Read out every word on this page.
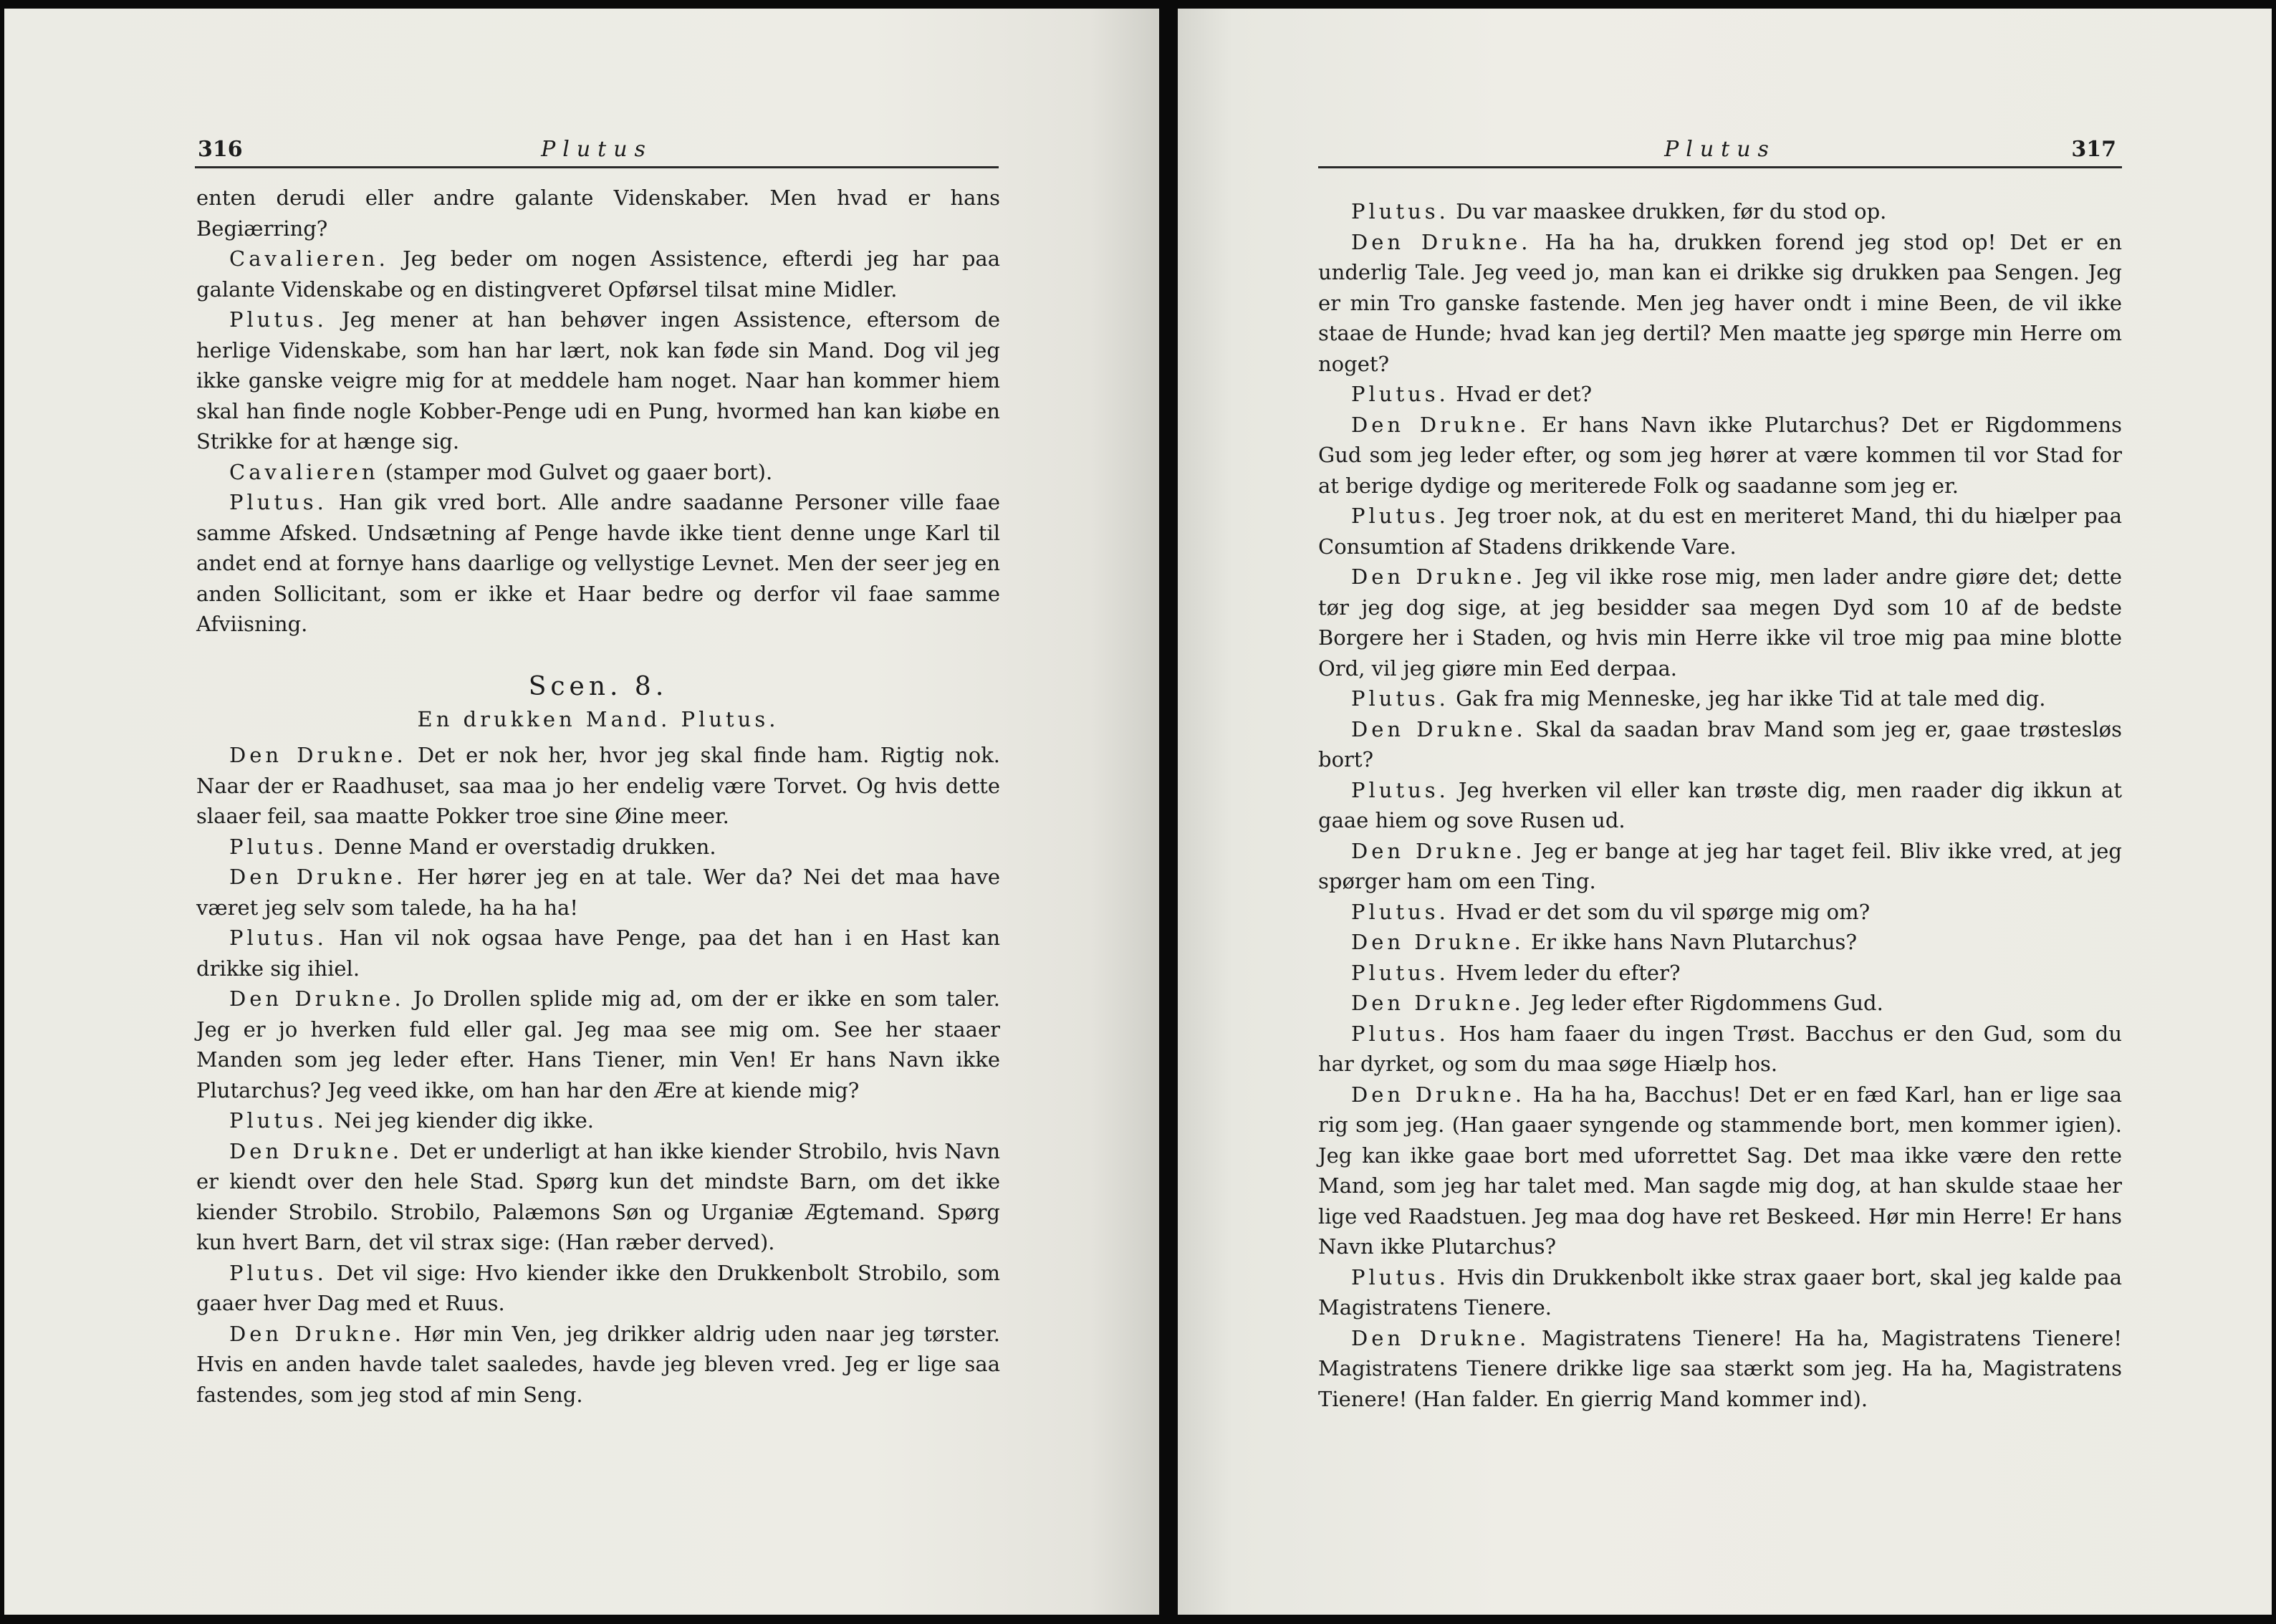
316	Plutus

enten derudi eller andre galante Videnskaber. Men hvad er hans Begiærring?

Cavalieren. Jeg beder om nogen Assistence, efterdi jeg har paa galante Videnskabe og en distingveret Opførsel tilsat mine Midler.

Plutus. Jeg mener at han behøver ingen Assistence, eftersom de herlige Videnskabe, som han har lært, nok kan føde sin Mand. Dog vil jeg ikke ganske veigre mig for at meddele ham noget. Naar han kommer hiem skal han finde nogle Kobber-Penge udi en Pung, hvormed han kan kiøbe en Strikke for at hænge sig.

Cavalieren (stamper mod Gulvet og gaaer bort).

Plutus. Han gik vred bort. Alle andre saadanne Personer ville faae samme Afsked. Undsætning af Penge havde ikke tient denne unge Karl til andet end at fornye hans daarlige og vellystige Levnet. Men der seer jeg en anden Sollicitant, som er ikke et Haar bedre og derfor vil faae samme Afviisning.

Scen. 8.
En drukken Mand. Plutus.

Den Drukne. Det er nok her, hvor jeg skal finde ham. Rigtig nok. Naar der er Raadhuset, saa maa jo her endelig være Torvet. Og hvis dette slaaer feil, saa maatte Pokker troe sine Øine meer.

Plutus. Denne Mand er overstadig drukken.

Den Drukne. Her hører jeg en at tale. Wer da? Nei det maa have været jeg selv som talede, ha ha ha!

Plutus. Han vil nok ogsaa have Penge, paa det han i en Hast kan drikke sig ihiel.

Den Drukne. Jo Drollen splide mig ad, om der er ikke en som taler. Jeg er jo hverken fuld eller gal. Jeg maa see mig om. See her staaer Manden som jeg leder efter. Hans Tiener, min Ven! Er hans Navn ikke Plutarchus? Jeg veed ikke, om han har den Ære at kiende mig?

Plutus. Nei jeg kiender dig ikke.

Den Drukne. Det er underligt at han ikke kiender Strobilo, hvis Navn er kiendt over den hele Stad. Spørg kun det mindste Barn, om det ikke kiender Strobilo. Strobilo, Palæmons Søn og Urganiæ Ægtemand. Spørg kun hvert Barn, det vil strax sige: (Han ræber derved).

Plutus. Det vil sige: Hvo kiender ikke den Drukkenbolt Strobilo, som gaaer hver Dag med et Ruus.

Den Drukne. Hør min Ven, jeg drikker aldrig uden naar jeg tørster. Hvis en anden havde talet saaledes, havde jeg bleven vred. Jeg er lige saa fastendes, som jeg stod af min Seng.

Plutus	317

Plutus. Du var maaskee drukken, før du stod op.

Den Drukne. Ha ha ha, drukken forend jeg stod op! Det er en underlig Tale. Jeg veed jo, man kan ei drikke sig drukken paa Sengen. Jeg er min Tro ganske fastende. Men jeg haver ondt i mine Been, de vil ikke staae de Hunde; hvad kan jeg dertil? Men maatte jeg spørge min Herre om noget?

Plutus. Hvad er det?

Den Drukne. Er hans Navn ikke Plutarchus? Det er Rigdommens Gud som jeg leder efter, og som jeg hører at være kommen til vor Stad for at berige dydige og meriterede Folk og saadanne som jeg er.

Plutus. Jeg troer nok, at du est en meriteret Mand, thi du hiælper paa Consumtion af Stadens drikkende Vare.

Den Drukne. Jeg vil ikke rose mig, men lader andre giøre det; dette tør jeg dog sige, at jeg besidder saa megen Dyd som 10 af de bedste Borgere her i Staden, og hvis min Herre ikke vil troe mig paa mine blotte Ord, vil jeg giøre min Eed derpaa.

Plutus. Gak fra mig Menneske, jeg har ikke Tid at tale med dig.

Den Drukne. Skal da saadan brav Mand som jeg er, gaae trøstesløs bort?

Plutus. Jeg hverken vil eller kan trøste dig, men raader dig ikkun at gaae hiem og sove Rusen ud.

Den Drukne. Jeg er bange at jeg har taget feil. Bliv ikke vred, at jeg spørger ham om een Ting.

Plutus. Hvad er det som du vil spørge mig om?

Den Drukne. Er ikke hans Navn Plutarchus?

Plutus. Hvem leder du efter?

Den Drukne. Jeg leder efter Rigdommens Gud.

Plutus. Hos ham faaer du ingen Trøst. Bacchus er den Gud, som du har dyrket, og som du maa søge Hiælp hos.

Den Drukne. Ha ha ha, Bacchus! Det er en fæd Karl, han er lige saa rig som jeg. (Han gaaer syngende og stammende bort, men kommer igien). Jeg kan ikke gaae bort med uforrettet Sag. Det maa ikke være den rette Mand, som jeg har talet med. Man sagde mig dog, at han skulde staae her lige ved Raadstuen. Jeg maa dog have ret Beskeed. Hør min Herre! Er hans Navn ikke Plutarchus?

Plutus. Hvis din Drukkenbolt ikke strax gaaer bort, skal jeg kalde paa Magistratens Tienere.

Den Drukne. Magistratens Tienere! Ha ha, Magistratens Tienere! Magistratens Tienere drikke lige saa stærkt som jeg. Ha ha, Magistratens Tienere! (Han falder. En gierrig Mand kommer ind).
